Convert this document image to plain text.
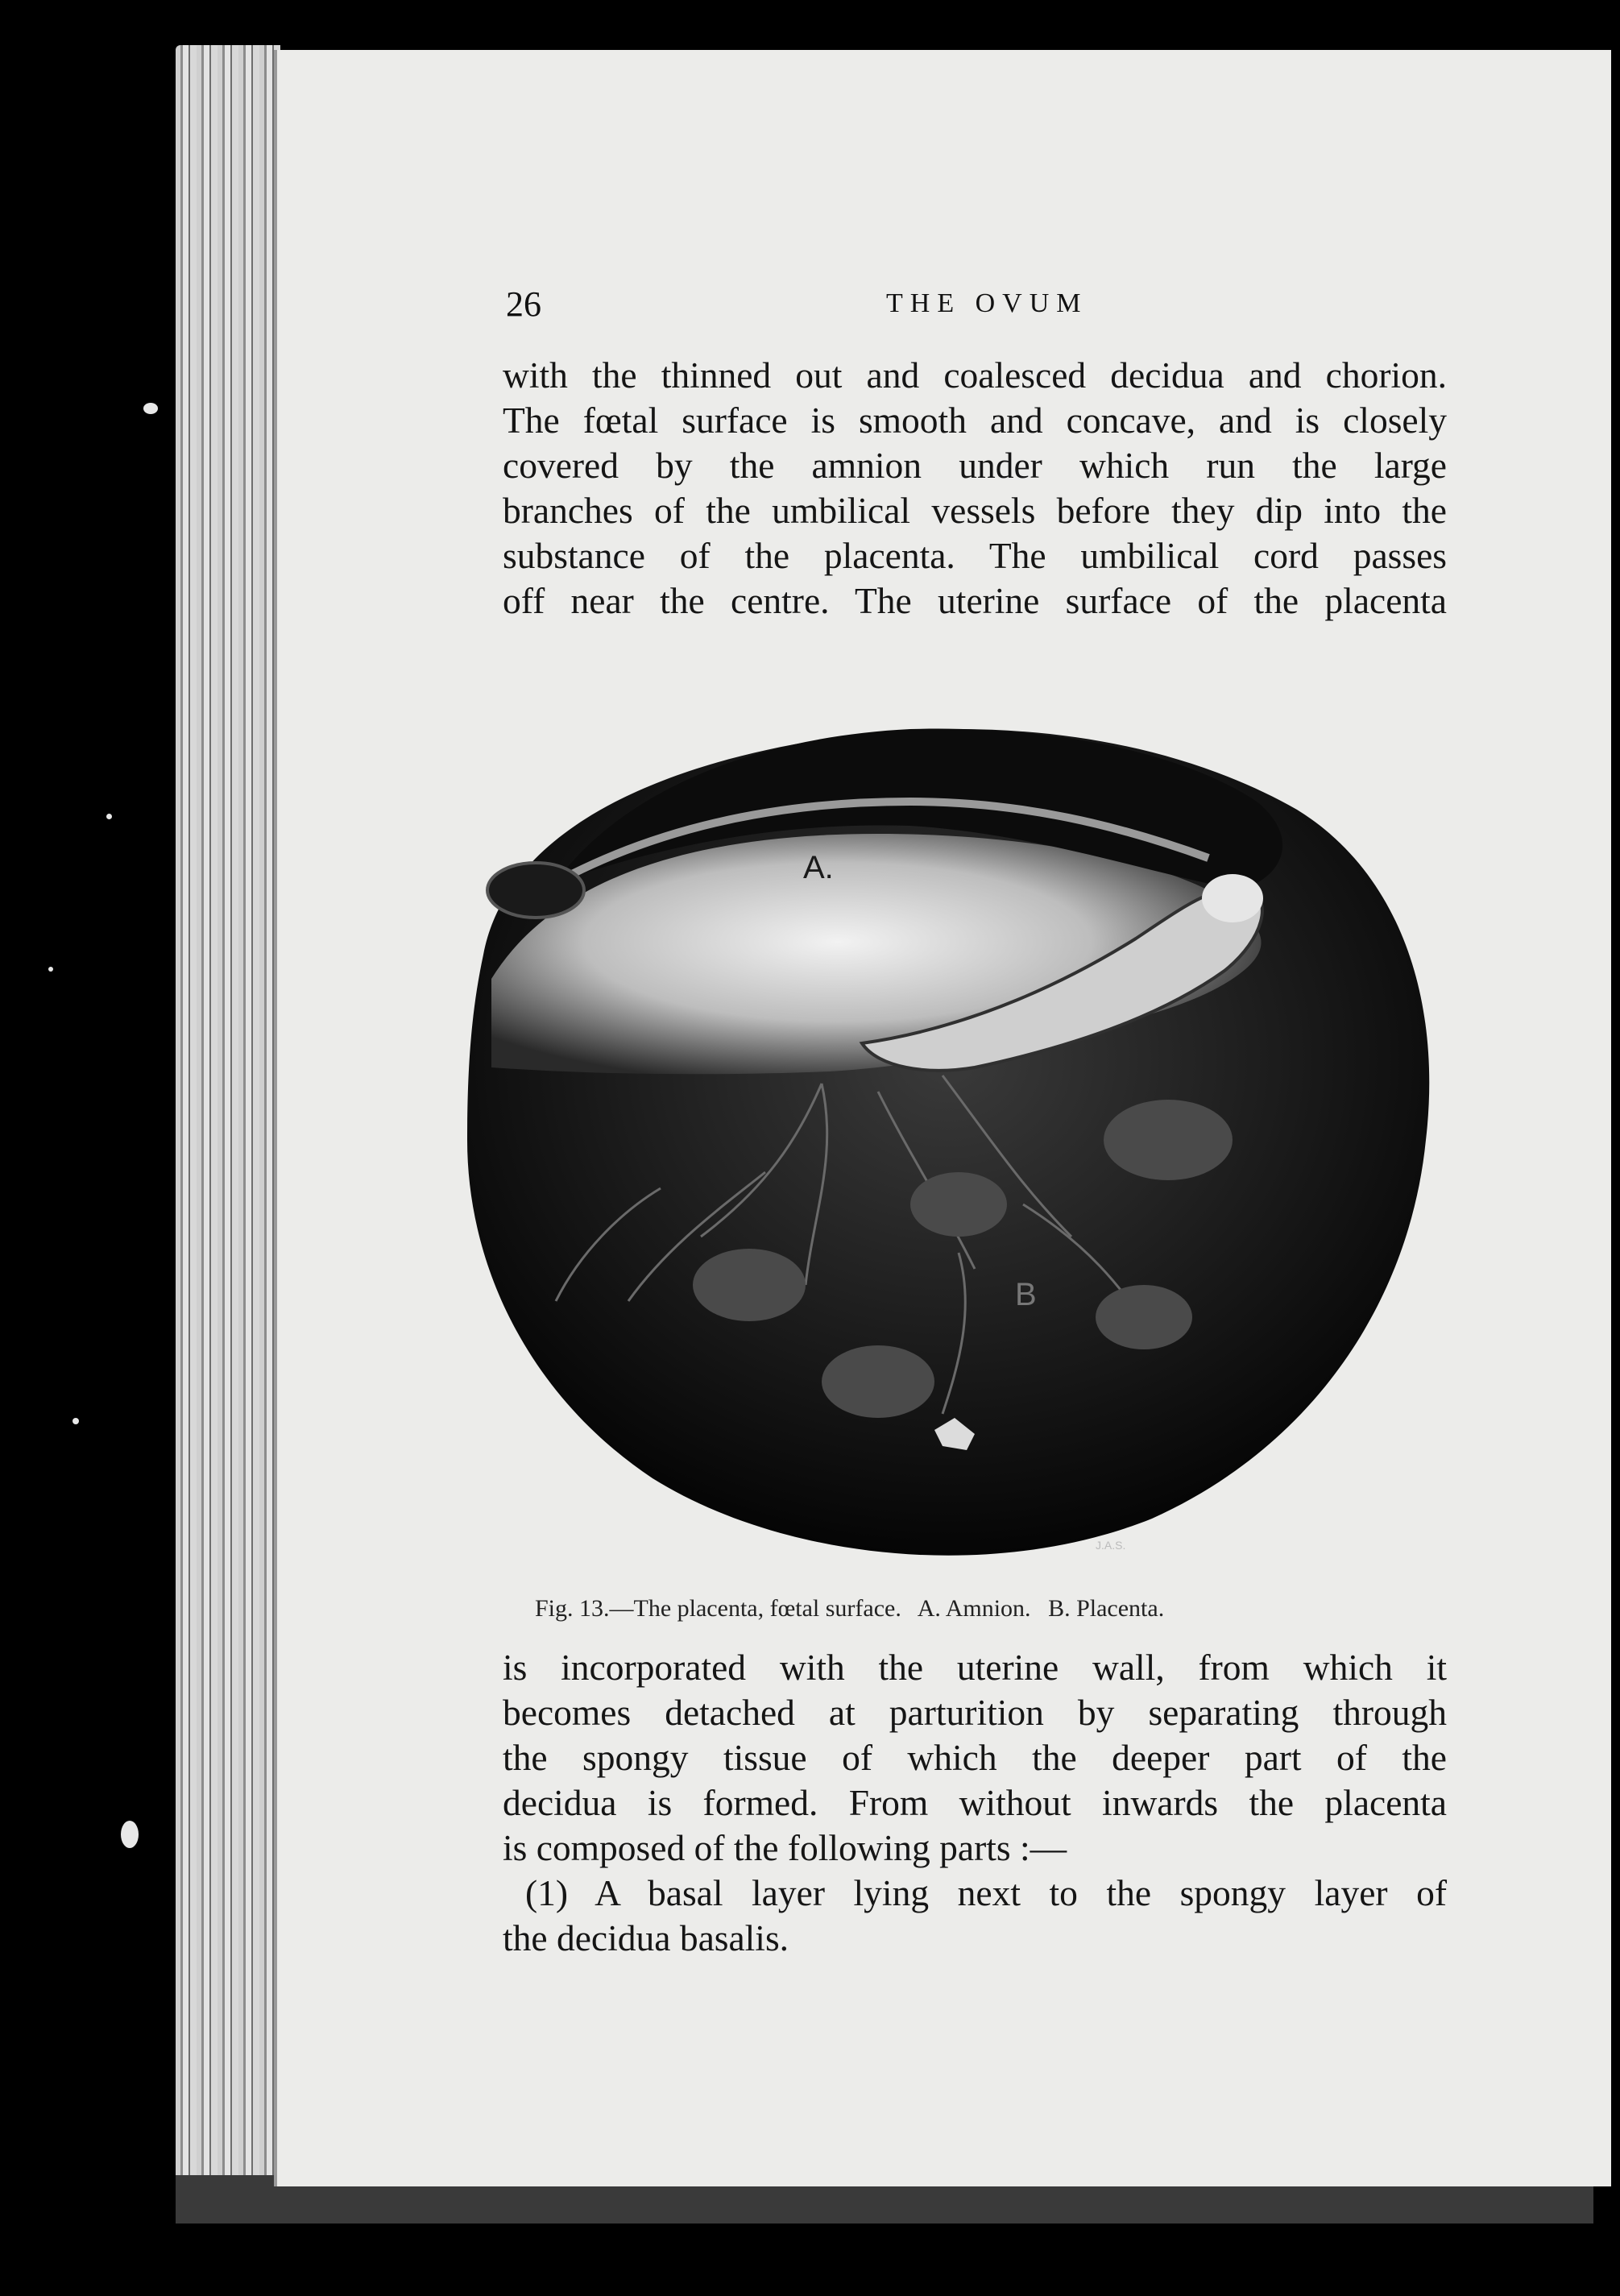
26	THE OVUM
with the thinned out and coalesced decidua and chorion.
The fœtal surface is smooth and concave, and is closely
covered by the amnion under which run the large
branches of the umbilical vessels before they dip into the
substance of the placenta. The umbilical cord passes
off near the centre. The uterine surface of the placenta
A.
B
J.A.S.
Fig. 13.—The placenta, fœtal surface. A. Amnion. B. Placenta.
is incorporated with the uterine wall, from which it
becomes detached at parturition by separating through
the spongy tissue of which the deeper part of the
decidua is formed. From without inwards the placenta
is composed of the following parts :—
(1) A basal layer lying next to the spongy layer of
the decidua basalis.
